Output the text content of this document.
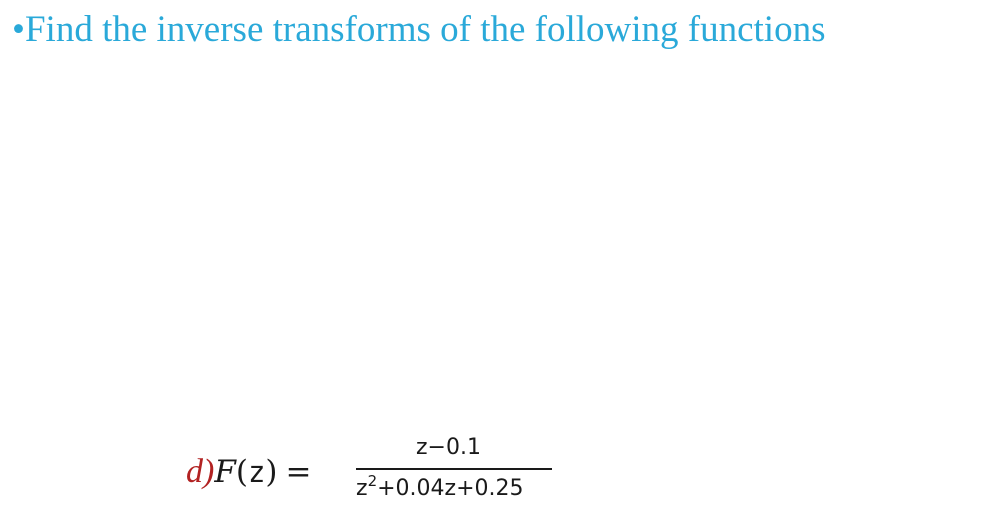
•Find the inverse transforms of the following functions
d)F(z) =
z−0.1
$z^2+0.04z+0.25$
